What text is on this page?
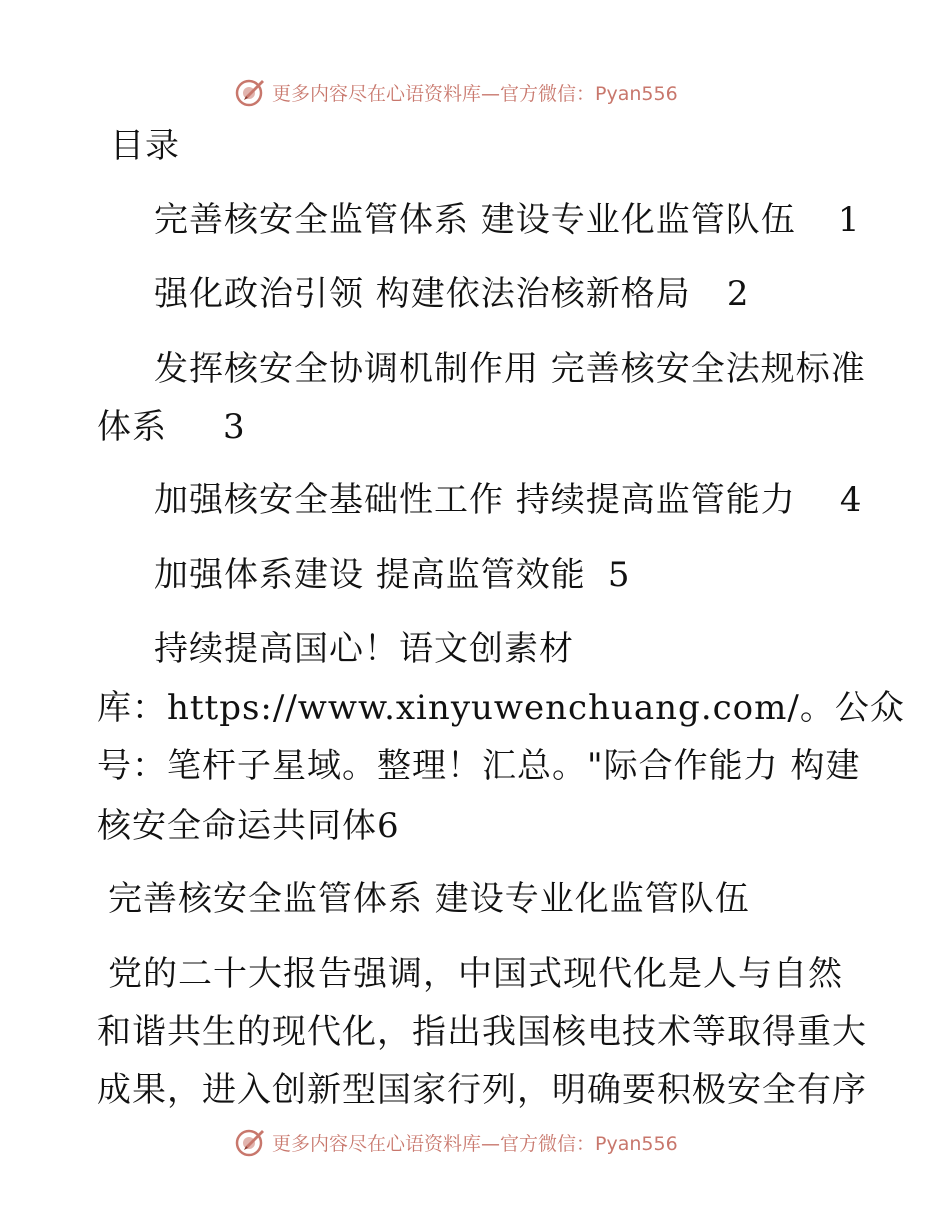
更多内容尽在心语资料库—官方微信：Pyan556
目录
完善核安全监管体系 建设专业化监管队伍 1
强化政治引领 构建依法治核新格局 2
发挥核安全协调机制作用 完善核安全法规标准
体系 3
加强核安全基础性工作 持续提高监管能力 4
加强体系建设 提高监管效能 5
持续提高国心！语文创素材
库：https://www.xinyuwenchuang.com/。公众
号：笔杆子星域。整理！汇总。"际合作能力 构建
核安全命运共同体6
完善核安全监管体系 建设专业化监管队伍
党的二十大报告强调，中国式现代化是人与自然
和谐共生的现代化，指出我国核电技术等取得重大
成果，进入创新型国家行列，明确要积极安全有序
更多内容尽在心语资料库—官方微信：Pyan556
